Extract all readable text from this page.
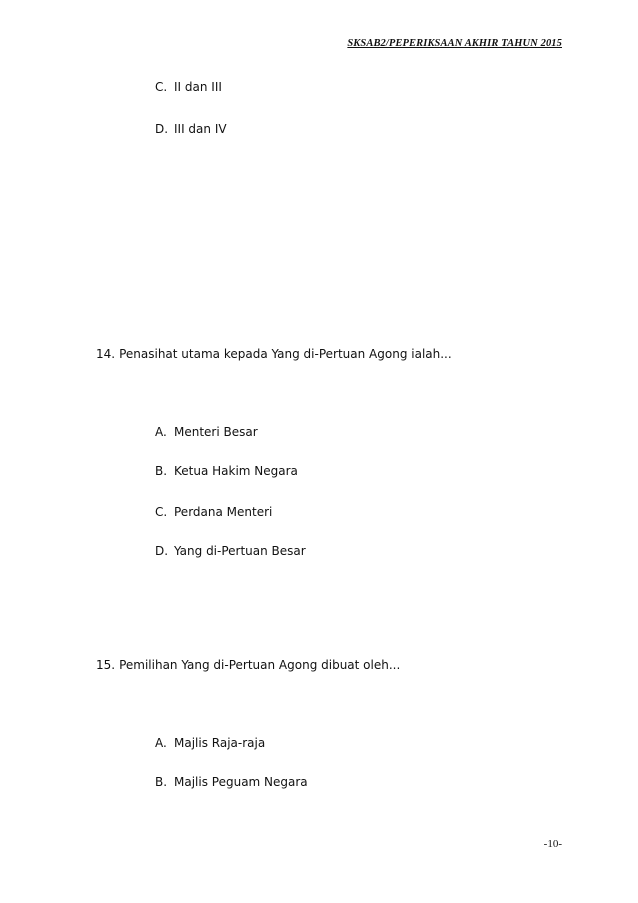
SKSAB2/PEPERIKSAAN AKHIR TAHUN 2015
C. II dan III
D. III dan IV
14. Penasihat utama kepada Yang di-Pertuan Agong ialah...
A. Menteri Besar
B. Ketua Hakim Negara
C. Perdana Menteri
D. Yang di-Pertuan Besar
15. Pemilihan Yang di-Pertuan Agong dibuat oleh...
A. Majlis Raja-raja
B. Majlis Peguam Negara
-10-
